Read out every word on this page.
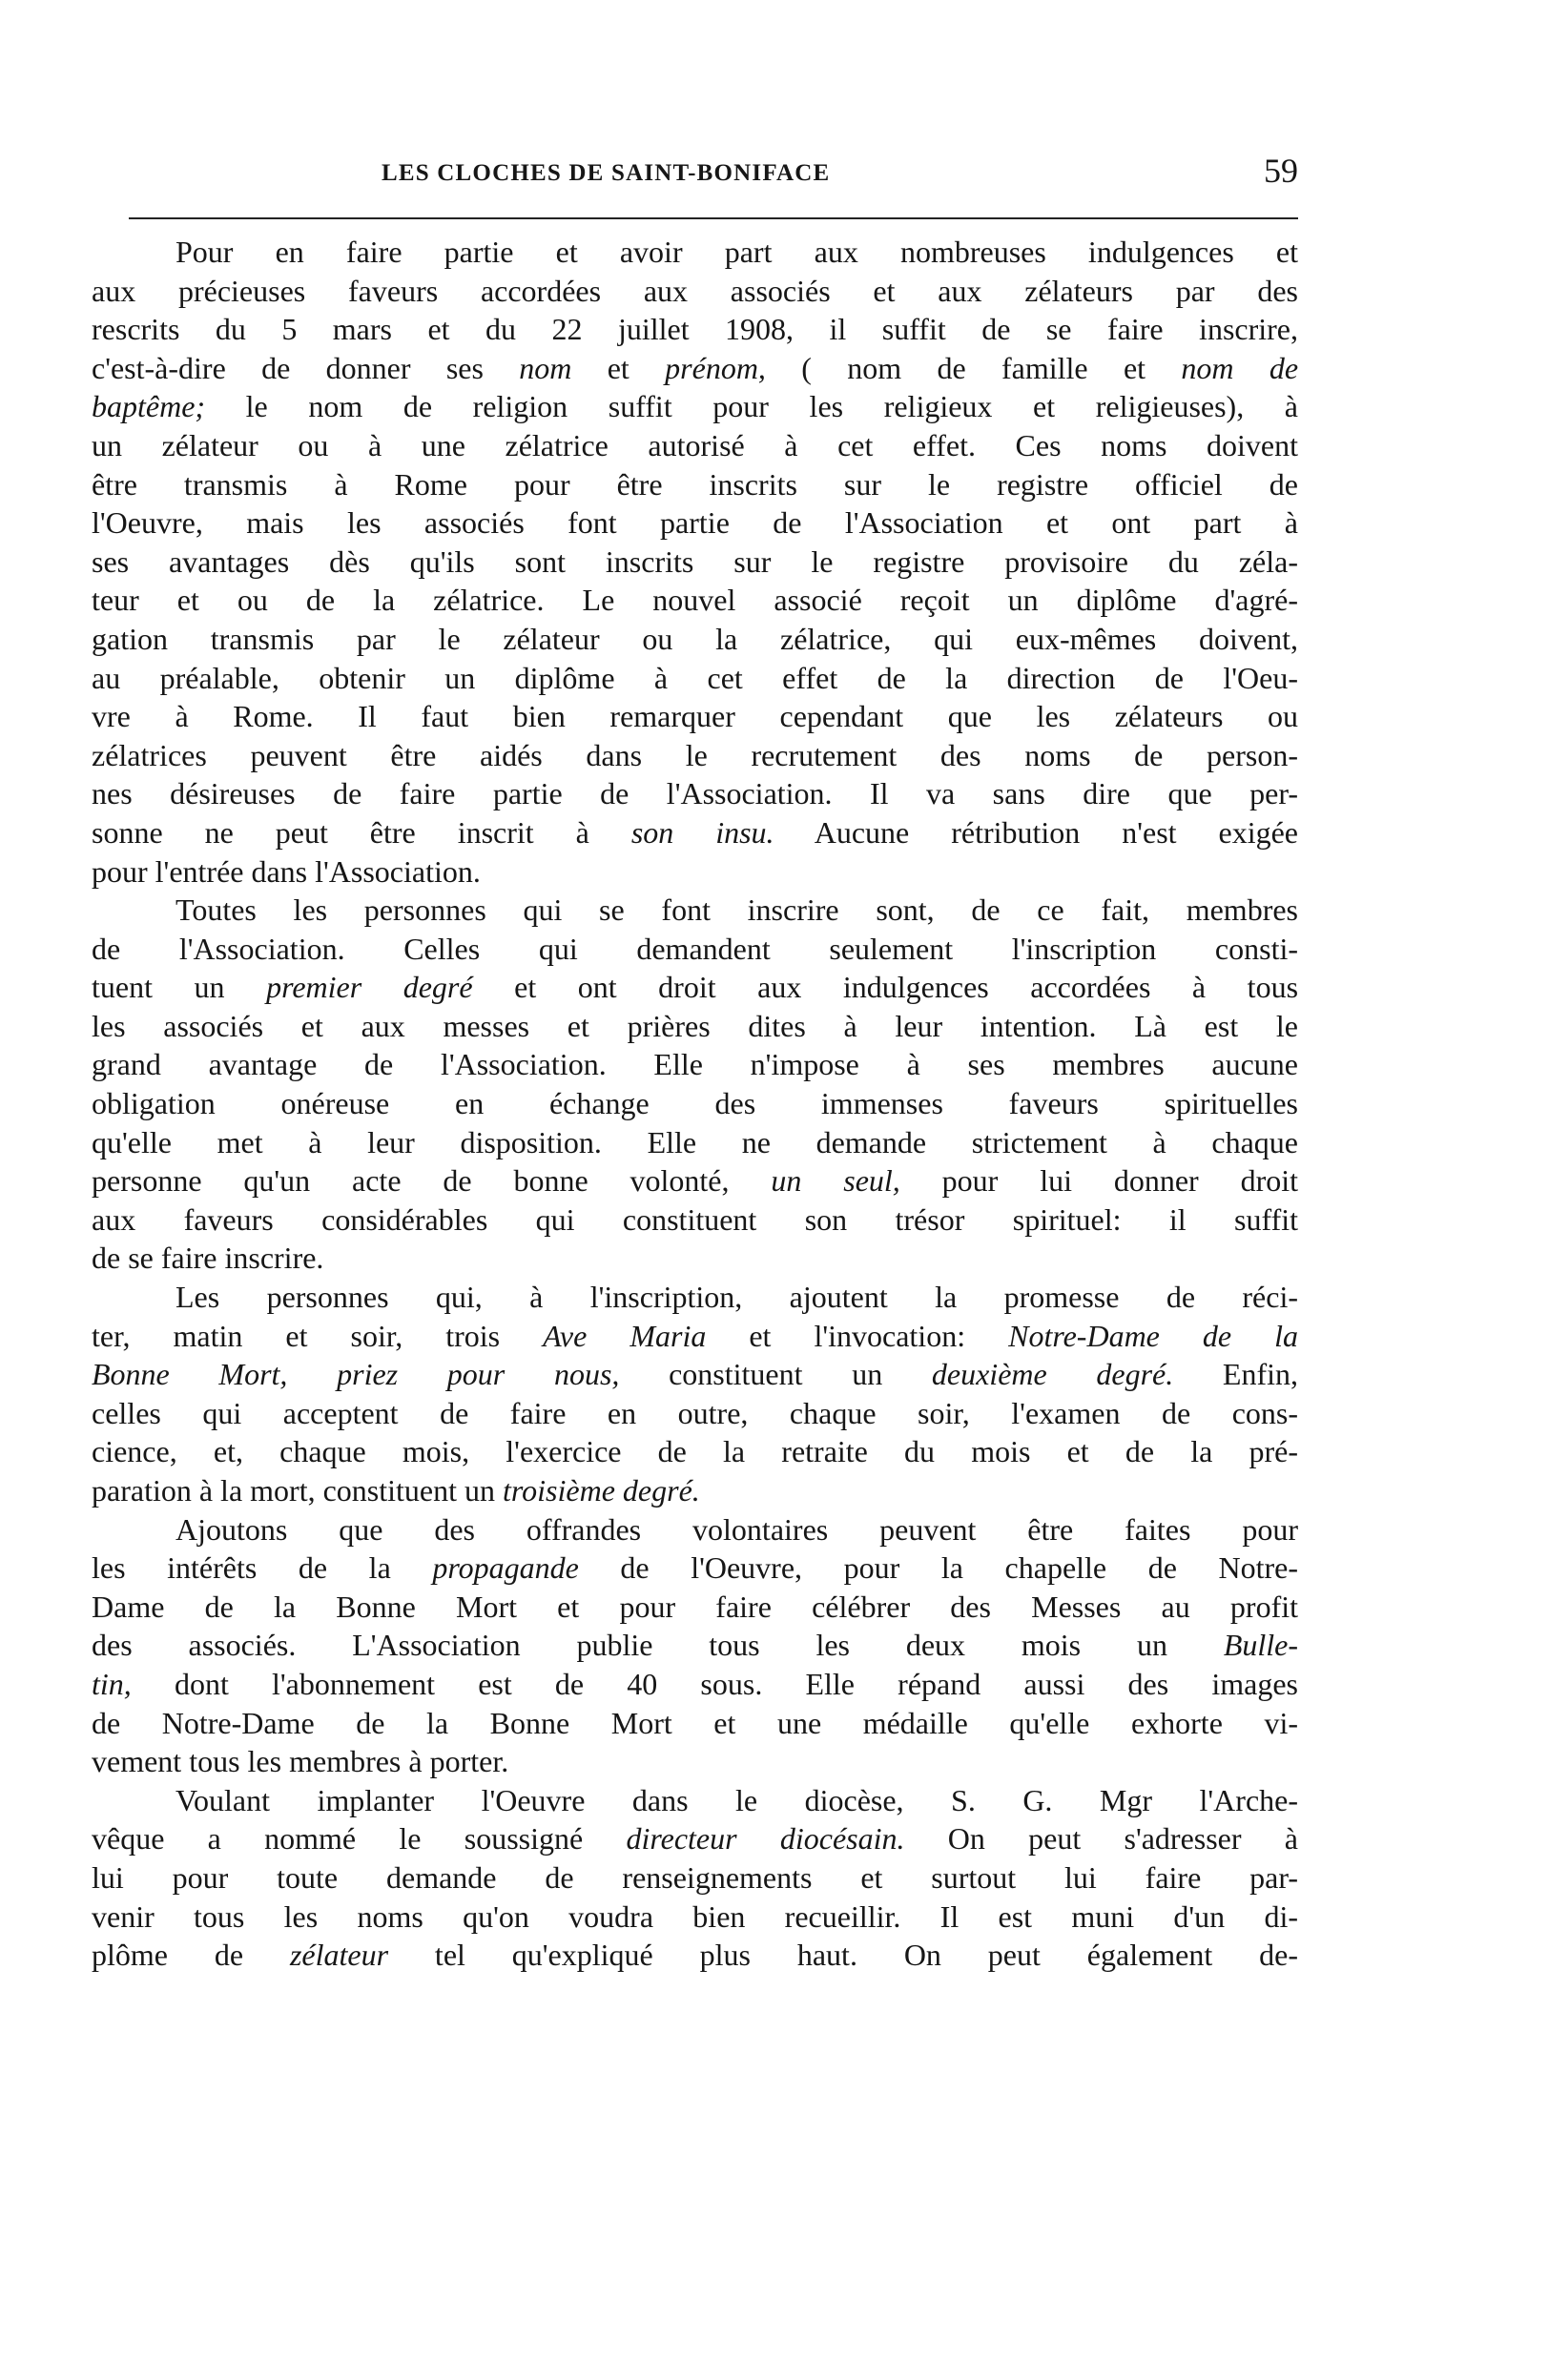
LES CLOCHES DE SAINT-BONIFACE	59
Pour en faire partie et avoir part aux nombreuses indulgences et
aux précieuses faveurs accordées aux associés et aux zélateurs par des
rescrits du 5 mars et du 22 juillet 1908, il suffit de se faire inscrire,
c'est-à-dire de donner ses nom et prénom, ( nom de famille et nom de
baptême; le nom de religion suffit pour les religieux et religieuses), à
un zélateur ou à une zélatrice autorisé à cet effet. Ces noms doivent
être transmis à Rome pour être inscrits sur le registre officiel de
l'Oeuvre, mais les associés font partie de l'Association et ont part à
ses avantages dès qu'ils sont inscrits sur le registre provisoire du zéla-
teur et ou de la zélatrice. Le nouvel associé reçoit un diplôme d'agré-
gation transmis par le zélateur ou la zélatrice, qui eux-mêmes doivent,
au préalable, obtenir un diplôme à cet effet de la direction de l'Oeu-
vre à Rome. Il faut bien remarquer cependant que les zélateurs ou
zélatrices peuvent être aidés dans le recrutement des noms de person-
nes désireuses de faire partie de l'Association. Il va sans dire que per-
sonne ne peut être inscrit à son insu. Aucune rétribution n'est exigée
pour l'entrée dans l'Association.
Toutes les personnes qui se font inscrire sont, de ce fait, membres
de l'Association. Celles qui demandent seulement l'inscription consti-
tuent un premier degré et ont droit aux indulgences accordées à tous
les associés et aux messes et prières dites à leur intention. Là est le
grand avantage de l'Association. Elle n'impose à ses membres aucune
obligation onéreuse en échange des immenses faveurs spirituelles
qu'elle met à leur disposition. Elle ne demande strictement à chaque
personne qu'un acte de bonne volonté, un seul, pour lui donner droit
aux faveurs considérables qui constituent son trésor spirituel: il suffit
de se faire inscrire.
Les personnes qui, à l'inscription, ajoutent la promesse de réci-
ter, matin et soir, trois Ave Maria et l'invocation: Notre-Dame de la
Bonne Mort, priez pour nous, constituent un deuxième degré. Enfin,
celles qui acceptent de faire en outre, chaque soir, l'examen de cons-
cience, et, chaque mois, l'exercice de la retraite du mois et de la pré-
paration à la mort, constituent un troisième degré.
Ajoutons que des offrandes volontaires peuvent être faites pour
les intérêts de la propagande de l'Oeuvre, pour la chapelle de Notre-
Dame de la Bonne Mort et pour faire célébrer des Messes au profit
des associés. L'Association publie tous les deux mois un Bulle-
tin, dont l'abonnement est de 40 sous. Elle répand aussi des images
de Notre-Dame de la Bonne Mort et une médaille qu'elle exhorte vi-
vement tous les membres à porter.
Voulant implanter l'Oeuvre dans le diocèse, S. G. Mgr l'Arche-
vêque a nommé le soussigné directeur diocésain. On peut s'adresser à
lui pour toute demande de renseignements et surtout lui faire par-
venir tous les noms qu'on voudra bien recueillir. Il est muni d'un di-
plôme de zélateur tel qu'expliqué plus haut. On peut également de-
